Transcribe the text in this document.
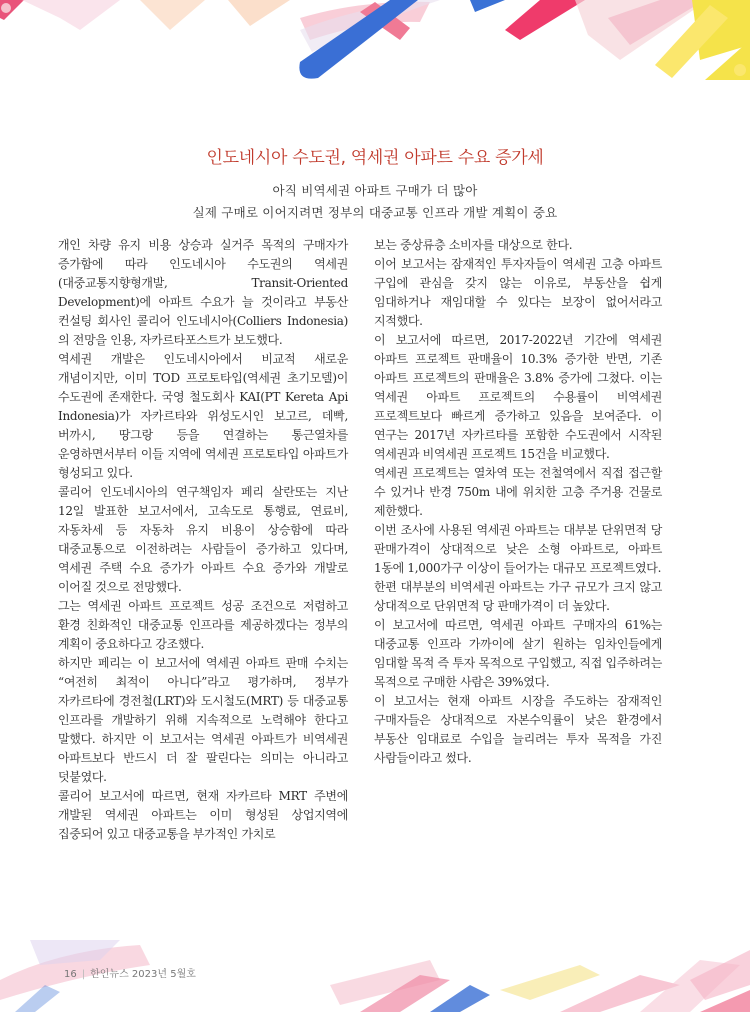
인도네시아 수도권, 역세권 아파트 수요 증가세
아직 비역세권 아파트 구매가 더 많아
실제 구매로 이어지려면 정부의 대중교통 인프라 개발 계획이 중요

개인 차량 유지 비용 상승과 실거주 목적의 구매자가 증가함에 따라 인도네시아 수도권의 역세권(대중교통지향형개발, Transit-Oriented Development)에 아파트 수요가 늘 것이라고 부동산 컨설팅 회사인 콜리어 인도네시아(Colliers Indonesia)의 전망을 인용, 자카르타포스트가 보도했다.

역세권 개발은 인도네시아에서 비교적 새로운 개념이지만, 이미 TOD 프로토타입(역세권 초기모델)이 수도권에 존재한다. 국영 철도회사 KAI(PT Kereta Api Indonesia)가 자카르타와 위성도시인 보고르, 데빡, 버까시, 땅그랑 등을 연결하는 통근열차를 운영하면서부터 이들 지역에 역세권 프로토타입 아파트가 형성되고 있다.

콜리어 인도네시아의 연구책임자 페리 살란또는 지난 12일 발표한 보고서에서, 고속도로 통행료, 연료비, 자동차세 등 자동차 유지 비용이 상승함에 따라 대중교통으로 이전하려는 사람들이 증가하고 있다며, 역세권 주택 수요 증가가 아파트 수요 증가와 개발로 이어질 것으로 전망했다.

그는 역세권 아파트 프로젝트 성공 조건으로 저렴하고 환경 친화적인 대중교통 인프라를 제공하겠다는 정부의 계획이 중요하다고 강조했다.

하지만 페리는 이 보고서에 역세권 아파트 판매 수치는 “여전히 최적이 아니다”라고 평가하며, 정부가 자카르타에 경전철(LRT)와 도시철도(MRT) 등 대중교통 인프라를 개발하기 위해 지속적으로 노력해야 한다고 말했다. 하지만 이 보고서는 역세권 아파트가 비역세권 아파트보다 반드시 더 잘 팔린다는 의미는 아니라고 덧붙였다.

콜리어 보고서에 따르면, 현재 자카르타 MRT 주변에 개발된 역세권 아파트는 이미 형성된 상업지역에 집중되어 있고 대중교통을 부가적인 가치로

보는 중상류층 소비자를 대상으로 한다.

이어 보고서는 잠재적인 투자자들이 역세권 고층 아파트 구입에 관심을 갖지 않는 이유로, 부동산을 쉽게 임대하거나 재임대할 수 있다는 보장이 없어서라고 지적했다.

이 보고서에 따르면, 2017-2022년 기간에 역세권 아파트 프로젝트 판매율이 10.3% 증가한 반면, 기존 아파트 프로젝트의 판매율은 3.8% 증가에 그쳤다. 이는 역세권 아파트 프로젝트의 수용률이 비역세권 프로젝트보다 빠르게 증가하고 있음을 보여준다. 이 연구는 2017년 자카르타를 포함한 수도권에서 시작된 역세권과 비역세권 프로젝트 15건을 비교했다.

역세권 프로젝트는 열차역 또는 전철역에서 직접 접근할 수 있거나 반경 750m 내에 위치한 고층 주거용 건물로 제한했다.

이번 조사에 사용된 역세권 아파트는 대부분 단위면적 당 판매가격이 상대적으로 낮은 소형 아파트로, 아파트 1동에 1,000가구 이상이 들어가는 대규모 프로젝트였다.

한편 대부분의 비역세권 아파트는 가구 규모가 크지 않고 상대적으로 단위면적 당 판매가격이 더 높았다.

이 보고서에 따르면, 역세권 아파트 구매자의 61%는 대중교통 인프라 가까이에 살기 원하는 임차인들에게 임대할 목적 즉 투자 목적으로 구입했고, 직접 입주하려는 목적으로 구매한 사람은 39%였다.

이 보고서는 현재 아파트 시장을 주도하는 잠재적인 구매자들은 상대적으로 자본수익률이 낮은 환경에서 부동산 임대료로 수입을 늘리려는 투자 목적을 가진 사람들이라고 썼다.

16 | 한인뉴스 2023년 5월호
